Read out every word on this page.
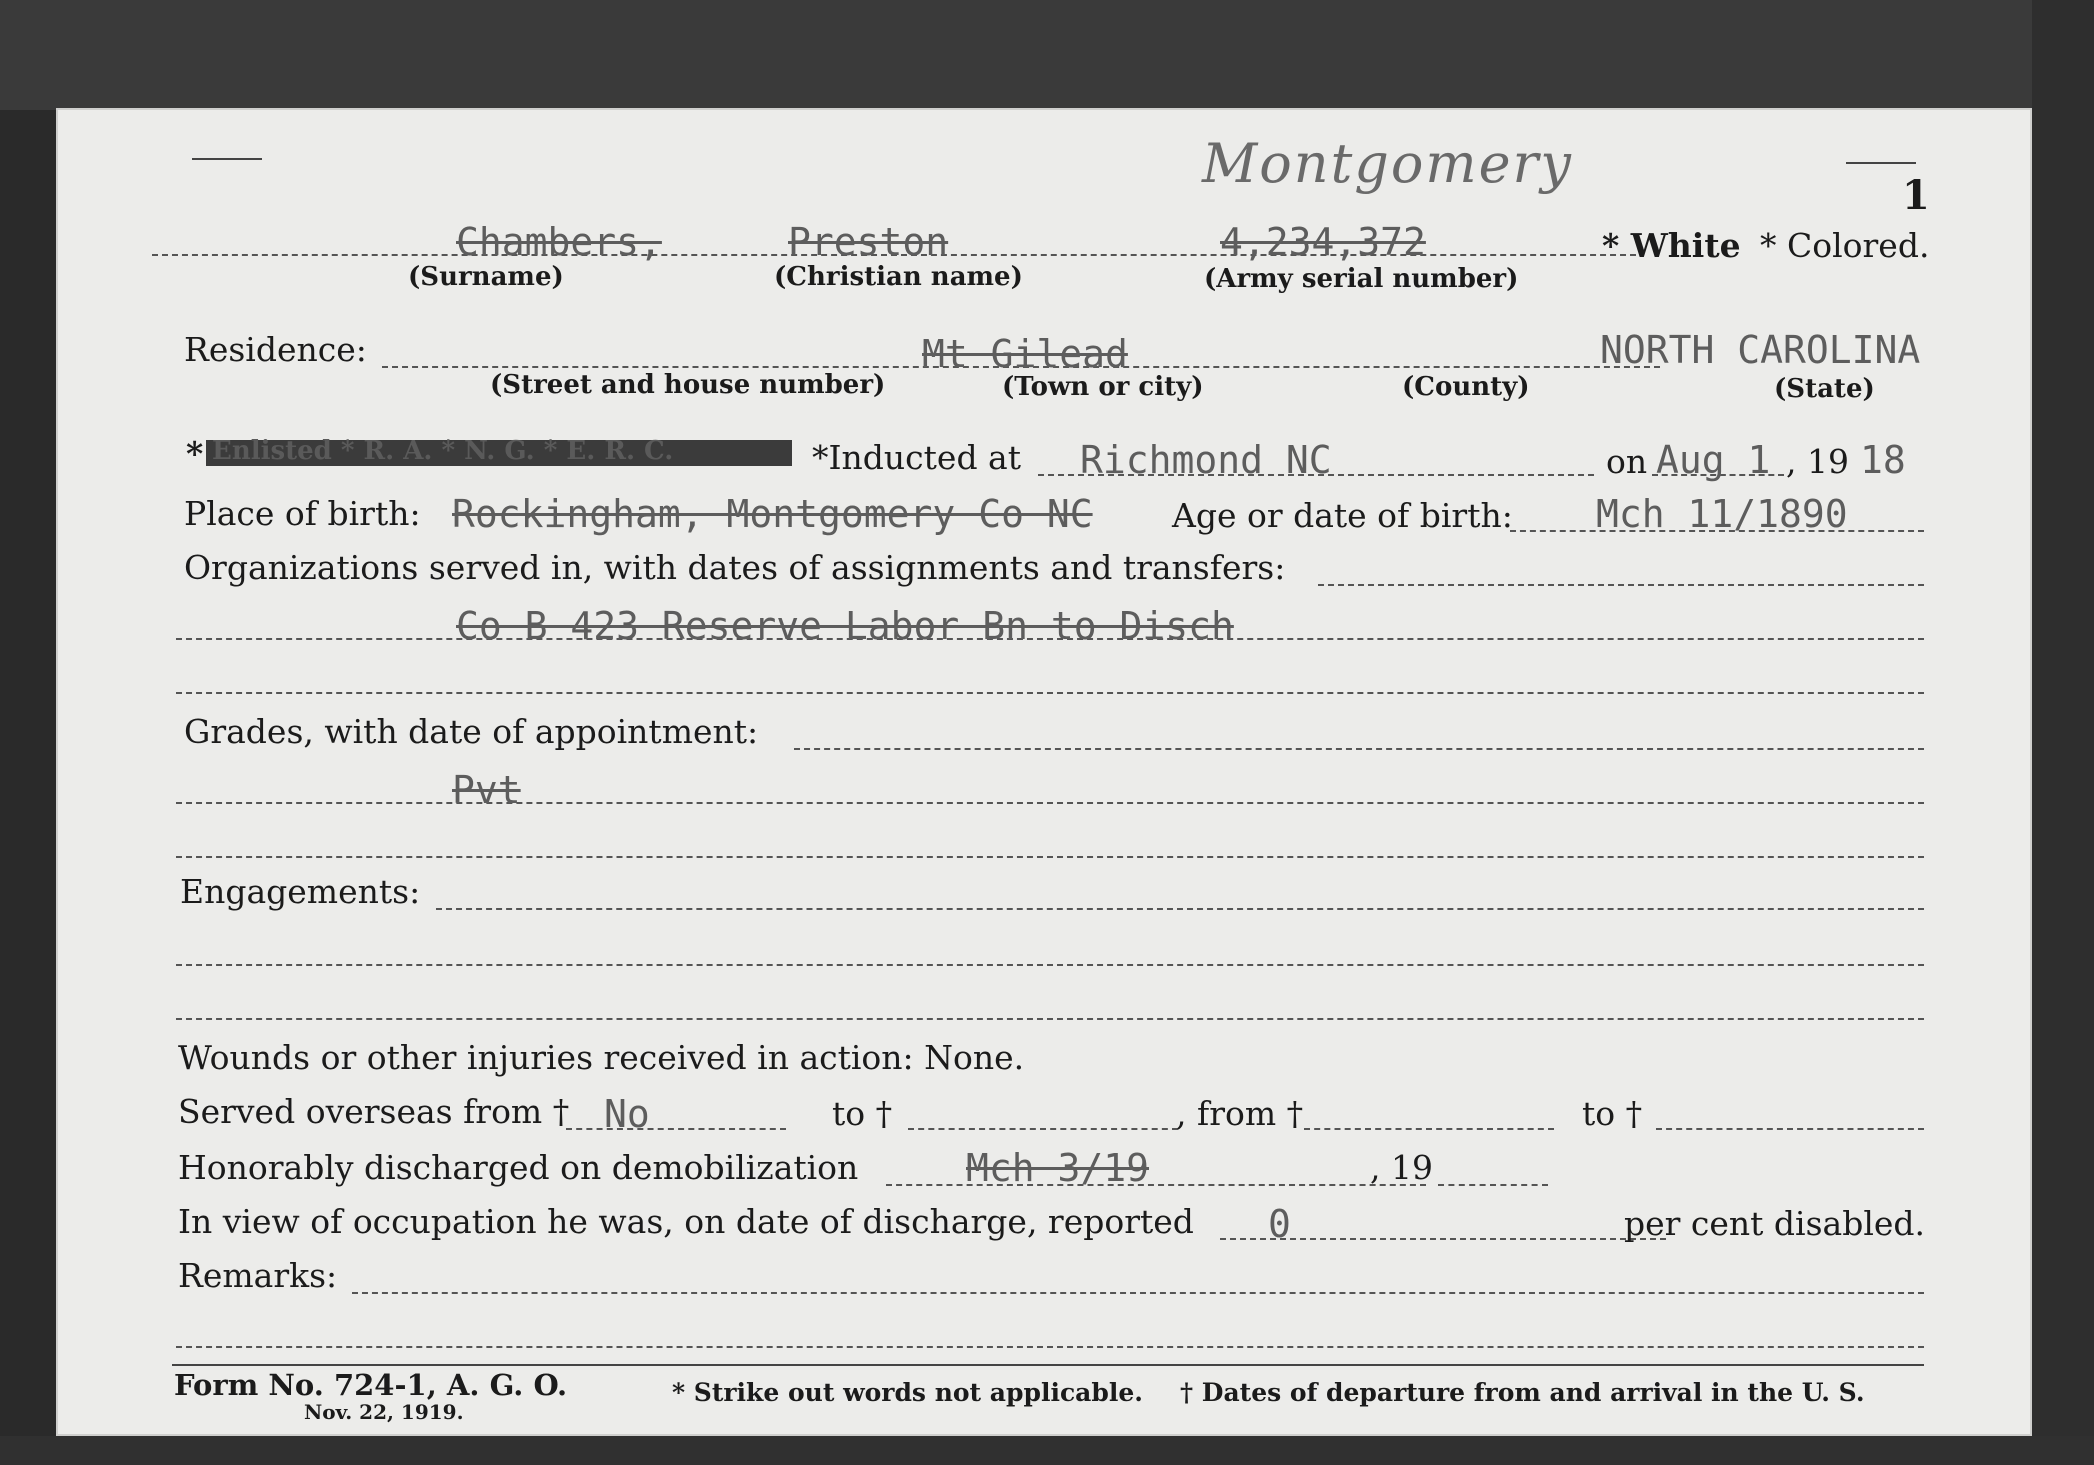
Montgomery
1
Chambers,	Preston	4,234,372
(Surname)	(Christian name)	(Army serial number)
* White * Colored.
Residence:	Mt Gilead	NORTH CAROLINA
(Street and house number)	(Town or city)	(County)	(State)
* Enlisted * R. A. * N. G. * E. R. C.	*Inducted at Richmond NC	on Aug 1 , 19 18
Place of birth: Rockingham, Montgomery Co NC Age or date of birth: Mch 11/1890
Organizations served in, with dates of assignments and transfers:
Co B 423 Reserve Labor Bn to Disch
Grades, with date of appointment:
Pvt
Engagements:
Wounds or other injuries received in action: None.
Served overseas from † No	to †	, from †	to †
Honorably discharged on demobilization	Mch 3/19	, 19
In view of occupation he was, on date of discharge, reported 0	per cent disabled.
Remarks:
Form No. 724-1, A. G. O.
Nov. 22, 1919.
* Strike out words not applicable. † Dates of departure from and arrival in the U. S.
